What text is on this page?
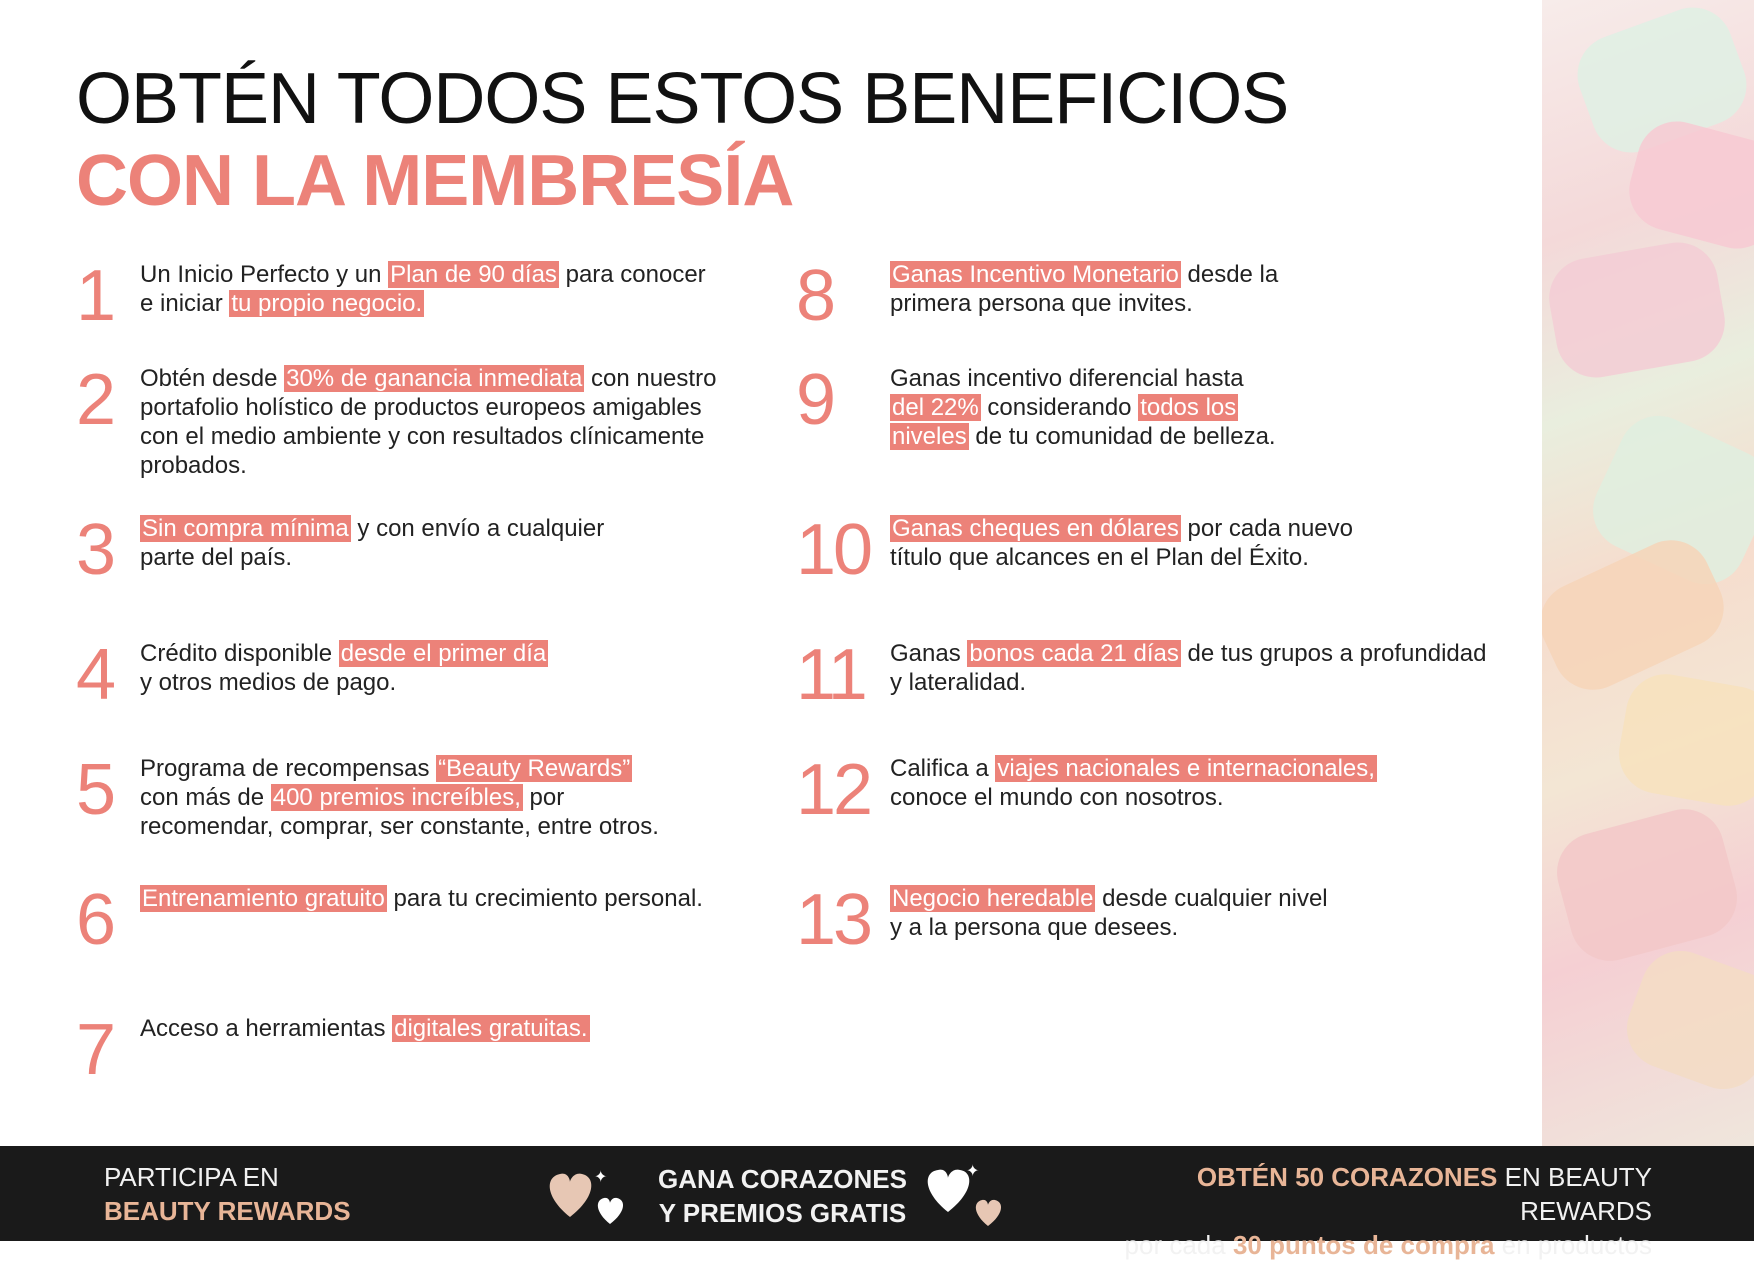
OBTÉN TODOS ESTOS BENEFICIOS
CON LA MEMBRESÍA
1 Un Inicio Perfecto y un Plan de 90 días para conocer
e iniciar tu propio negocio.
2 Obtén desde 30% de ganancia inmediata con nuestro
portafolio holístico de productos europeos amigables
con el medio ambiente y con resultados clínicamente
probados.
3 Sin compra mínima y con envío a cualquier
parte del país.
4 Crédito disponible desde el primer día
y otros medios de pago.
5 Programa de recompensas “Beauty Rewards”
con más de 400 premios increíbles, por
recomendar, comprar, ser constante, entre otros.
6 Entrenamiento gratuito para tu crecimiento personal.
7 Acceso a herramientas digitales gratuitas.
8 Ganas Incentivo Monetario desde la
primera persona que invites.
9 Ganas incentivo diferencial hasta
del 22% considerando todos los
niveles de tu comunidad de belleza.
10 Ganas cheques en dólares por cada nuevo
título que alcances en el Plan del Éxito.
11 Ganas bonos cada 21 días de tus grupos a profundidad
y lateralidad.
12 Califica a viajes nacionales e internacionales,
conoce el mundo con nosotros.
13 Negocio heredable desde cualquier nivel
y a la persona que desees.
PARTICIPA EN
BEAUTY REWARDS
✦ GANA CORAZONES
Y PREMIOS GRATIS
✦	OBTÉN 50 CORAZONES EN BEAUTY REWARDS
por cada 30 puntos de compra en productos
